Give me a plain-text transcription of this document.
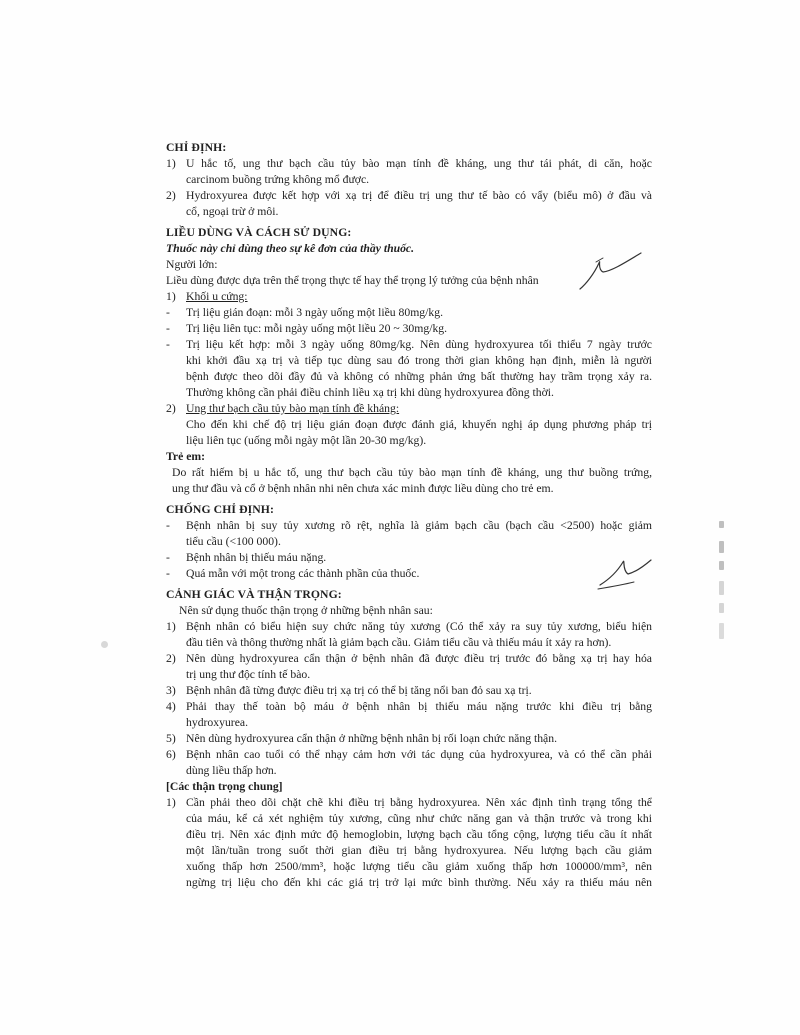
CHỈ ĐỊNH:
1) U hắc tố, ung thư bạch cầu tủy bào mạn tính đề kháng, ung thư tái phát, di căn, hoặc
carcinom buồng trứng không mổ được.
2) Hydroxyurea được kết hợp với xạ trị để điều trị ung thư tế bào có vẩy (biểu mô) ở đầu và
cổ, ngoại trừ ở môi.
LIỀU DÙNG VÀ CÁCH SỬ DỤNG:
Thuốc này chỉ dùng theo sự kê đơn của thầy thuốc.
Người lớn:
Liều dùng được dựa trên thể trọng thực tế hay thể trọng lý tưởng của bệnh nhân
1) Khối u cứng:
- Trị liệu gián đoạn: mỗi 3 ngày uống một liều 80mg/kg.
- Trị liệu liên tục: mỗi ngày uống một liều 20 ~ 30mg/kg.
- Trị liệu kết hợp: mỗi 3 ngày uống 80mg/kg. Nên dùng hydroxyurea tối thiểu 7 ngày trước
khi khởi đầu xạ trị và tiếp tục dùng sau đó trong thời gian không hạn định, miễn là người
bệnh được theo dõi đầy đủ và không có những phản ứng bất thường hay trầm trọng xảy ra.
Thường không cần phải điều chỉnh liều xạ trị khi dùng hydroxyurea đồng thời.
2) Ung thư bạch cầu tủy bào mạn tính đề kháng:
Cho đến khi chế độ trị liệu gián đoạn được đánh giá, khuyến nghị áp dụng phương pháp trị
liệu liên tục (uống mỗi ngày một lần 20-30 mg/kg).
Trẻ em:
Do rất hiếm bị u hắc tố, ung thư bạch cầu tủy bào mạn tính đề kháng, ung thư buồng trứng,
ung thư đầu và cổ ở bệnh nhân nhi nên chưa xác minh được liều dùng cho trẻ em.
CHỐNG CHỈ ĐỊNH:
- Bệnh nhân bị suy tủy xương rõ rệt, nghĩa là giảm bạch cầu (bạch cầu <2500) hoặc giảm
tiểu cầu (<100 000).
- Bệnh nhân bị thiếu máu nặng.
- Quá mẫn với một trong các thành phần của thuốc.
CẢNH GIÁC VÀ THẬN TRỌNG:
Nên sử dụng thuốc thận trọng ở những bệnh nhân sau:
1) Bệnh nhân có biểu hiện suy chức năng tủy xương (Có thể xảy ra suy tủy xương, biểu hiện
đầu tiên và thông thường nhất là giảm bạch cầu. Giảm tiểu cầu và thiếu máu ít xảy ra hơn).
2) Nên dùng hydroxyurea cẩn thận ở bệnh nhân đã được điều trị trước đó bằng xạ trị hay hóa
trị ung thư độc tính tế bào.
3) Bệnh nhân đã từng được điều trị xạ trị có thể bị tăng nổi ban đỏ sau xạ trị.
4) Phải thay thế toàn bộ máu ở bệnh nhân bị thiếu máu nặng trước khi điều trị bằng
hydroxyurea.
5) Nên dùng hydroxyurea cẩn thận ở những bệnh nhân bị rối loạn chức năng thận.
6) Bệnh nhân cao tuổi có thể nhạy cảm hơn với tác dụng của hydroxyurea, và có thể cần phải
dùng liều thấp hơn.
[Các thận trọng chung]
1) Cần phải theo dõi chặt chẽ khi điều trị bằng hydroxyurea. Nên xác định tình trạng tổng thể
của máu, kể cả xét nghiệm tủy xương, cũng như chức năng gan và thận trước và trong khi
điều trị. Nên xác định mức độ hemoglobin, lượng bạch cầu tổng cộng, lượng tiểu cầu ít nhất
một lần/tuần trong suốt thời gian điều trị bằng hydroxyurea. Nếu lượng bạch cầu giảm
xuống thấp hơn 2500/mm³, hoặc lượng tiểu cầu giảm xuống thấp hơn 100000/mm³, nên
ngừng trị liệu cho đến khi các giá trị trở lại mức bình thường. Nếu xảy ra thiếu máu nên
